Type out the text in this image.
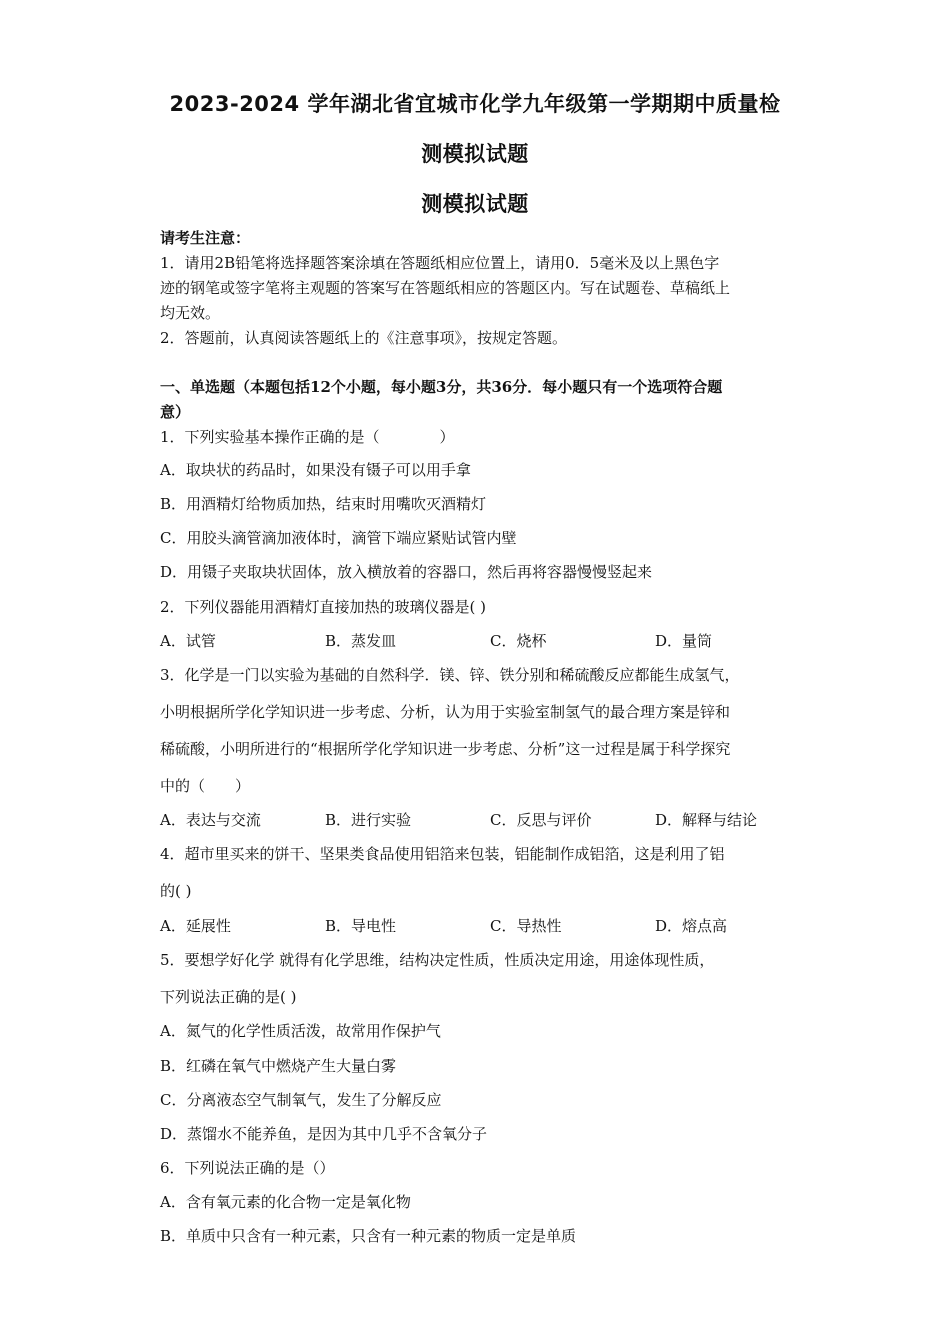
2023-2024 学年湖北省宜城市化学九年级第一学期期中质量检
测模拟试题
测模拟试题
请考生注意：
1．请用2B铅笔将选择题答案涂填在答题纸相应位置上，请用0．5毫米及以上黑色字
迹的钢笔或签字笔将主观题的答案写在答题纸相应的答题区内。写在试题卷、草稿纸上
均无效。
2．答题前，认真阅读答题纸上的《注意事项》，按规定答题。
一、单选题（本题包括12个小题，每小题3分，共36分．每小题只有一个选项符合题
意）
1．下列实验基本操作正确的是（　　　　）
A．取块状的药品时，如果没有镊子可以用手拿
B．用酒精灯给物质加热，结束时用嘴吹灭酒精灯
C．用胶头滴管滴加液体时，滴管下端应紧贴试管内壁
D．用镊子夹取块状固体，放入横放着的容器口，然后再将容器慢慢竖起来
2．下列仪器能用酒精灯直接加热的玻璃仪器是( )
A．试管	B．蒸发皿	C．烧杯	D．量筒
3．化学是一门以实验为基础的自然科学．镁、锌、铁分别和稀硫酸反应都能生成氢气，
小明根据所学化学知识进一步考虑、分析，认为用于实验室制氢气的最合理方案是锌和
稀硫酸，小明所进行的“根据所学化学知识进一步考虑、分析”这一过程是属于科学探究
中的（　　）
A．表达与交流	B．进行实验	C．反思与评价	D．解释与结论
4．超市里买来的饼干、坚果类食品使用铝箔来包装，铝能制作成铝箔，这是利用了铝
的( )
A．延展性	B．导电性	C．导热性	D．熔点高
5．要想学好化学 就得有化学思维，结构决定性质，性质决定用途，用途体现性质，
下列说法正确的是( )
A．氮气的化学性质活泼，故常用作保护气
B．红磷在氧气中燃烧产生大量白雾
C．分离液态空气制氧气，发生了分解反应
D．蒸馏水不能养鱼，是因为其中几乎不含氧分子
6．下列说法正确的是（）
A．含有氧元素的化合物一定是氧化物
B．单质中只含有一种元素，只含有一种元素的物质一定是单质
